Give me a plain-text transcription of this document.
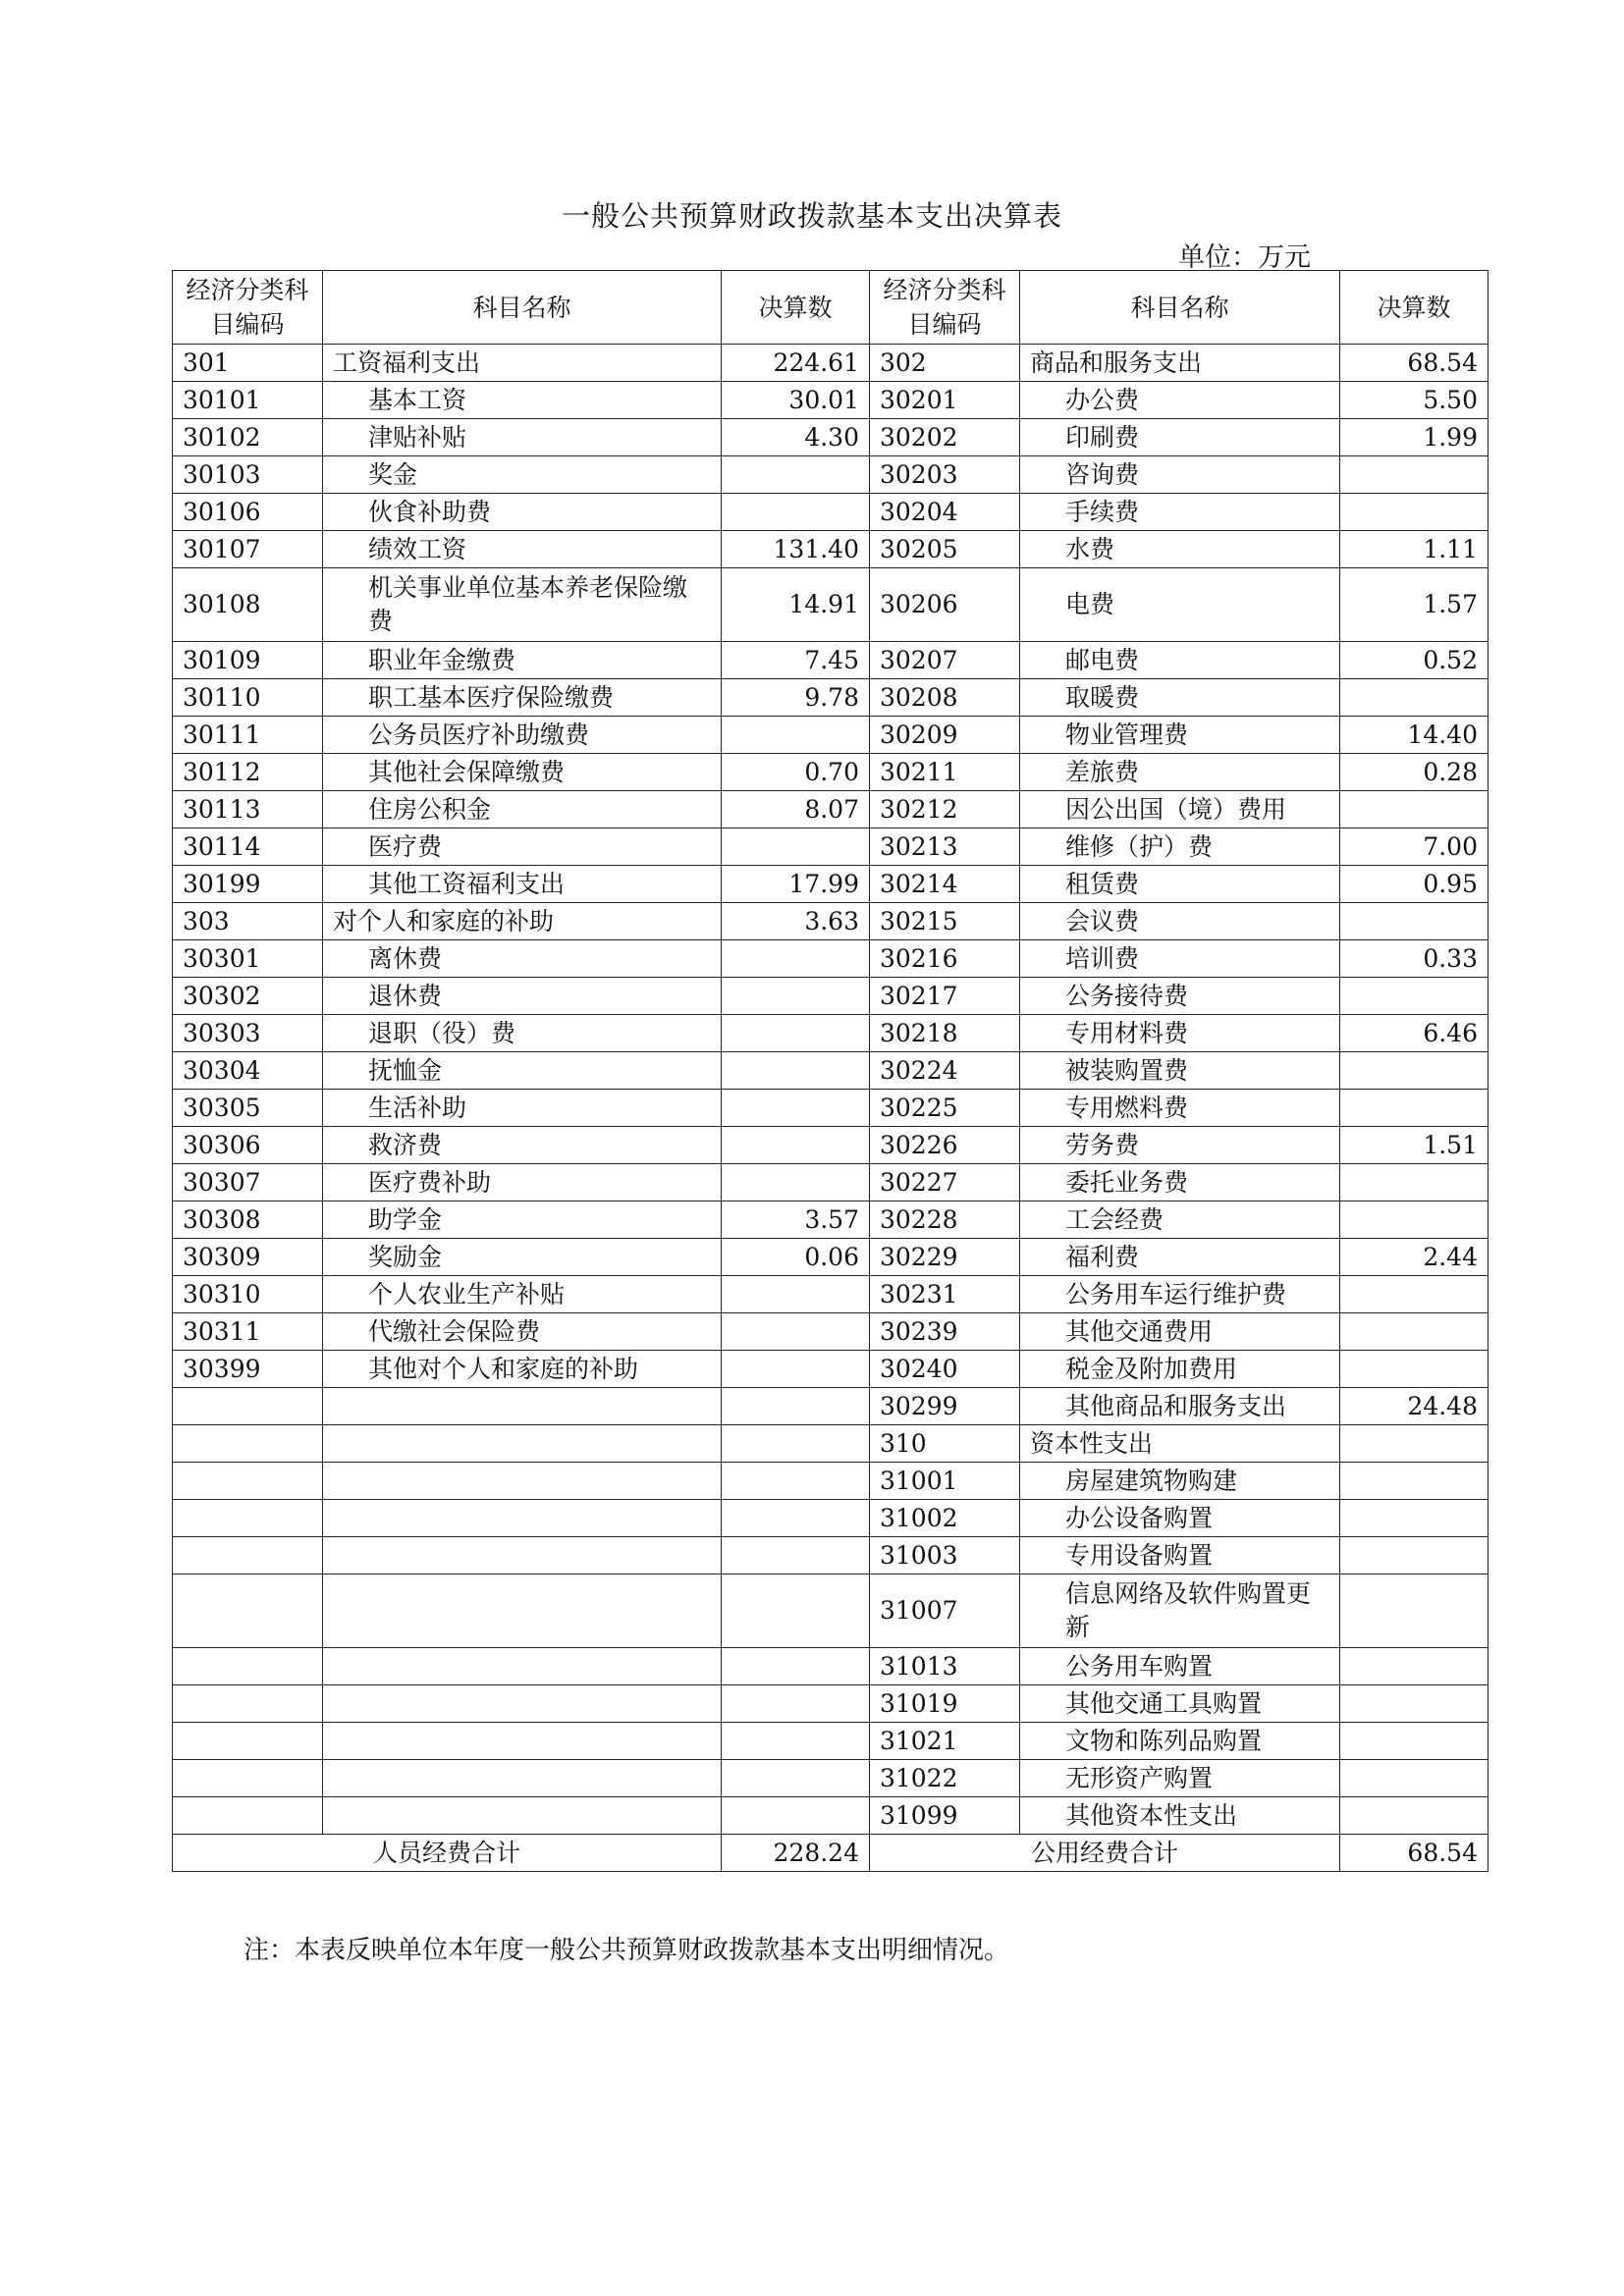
一般公共预算财政拨款基本支出决算表
单位：万元
经济分类科目编码	科目名称	决算数	经济分类科目编码	科目名称	决算数
301	工资福利支出	224.61	302	商品和服务支出	68.54
30101	基本工资	30.01	30201	办公费	5.50
30102	津贴补贴	4.30	30202	印刷费	1.99
30103	奖金		30203	咨询费	
30106	伙食补助费		30204	手续费	
30107	绩效工资	131.40	30205	水费	1.11
30108	机关事业单位基本养老保险缴费	14.91	30206	电费	1.57
30109	职业年金缴费	7.45	30207	邮电费	0.52
30110	职工基本医疗保险缴费	9.78	30208	取暖费	
30111	公务员医疗补助缴费		30209	物业管理费	14.40
30112	其他社会保障缴费	0.70	30211	差旅费	0.28
30113	住房公积金	8.07	30212	因公出国（境）费用	
30114	医疗费		30213	维修（护）费	7.00
30199	其他工资福利支出	17.99	30214	租赁费	0.95
303	对个人和家庭的补助	3.63	30215	会议费	
30301	离休费		30216	培训费	0.33
30302	退休费		30217	公务接待费	
30303	退职（役）费		30218	专用材料费	6.46
30304	抚恤金		30224	被装购置费	
30305	生活补助		30225	专用燃料费	
30306	救济费		30226	劳务费	1.51
30307	医疗费补助		30227	委托业务费	
30308	助学金	3.57	30228	工会经费	
30309	奖励金	0.06	30229	福利费	2.44
30310	个人农业生产补贴		30231	公务用车运行维护费	
30311	代缴社会保险费		30239	其他交通费用	
30399	其他对个人和家庭的补助		30240	税金及附加费用	
			30299	其他商品和服务支出	24.48
			310	资本性支出	
			31001	房屋建筑物购建	
			31002	办公设备购置	
			31003	专用设备购置	
			31007	信息网络及软件购置更新	
			31013	公务用车购置	
			31019	其他交通工具购置	
			31021	文物和陈列品购置	
			31022	无形资产购置	
			31099	其他资本性支出	
人员经费合计		228.24	公用经费合计		68.54
注：本表反映单位本年度一般公共预算财政拨款基本支出明细情况。
